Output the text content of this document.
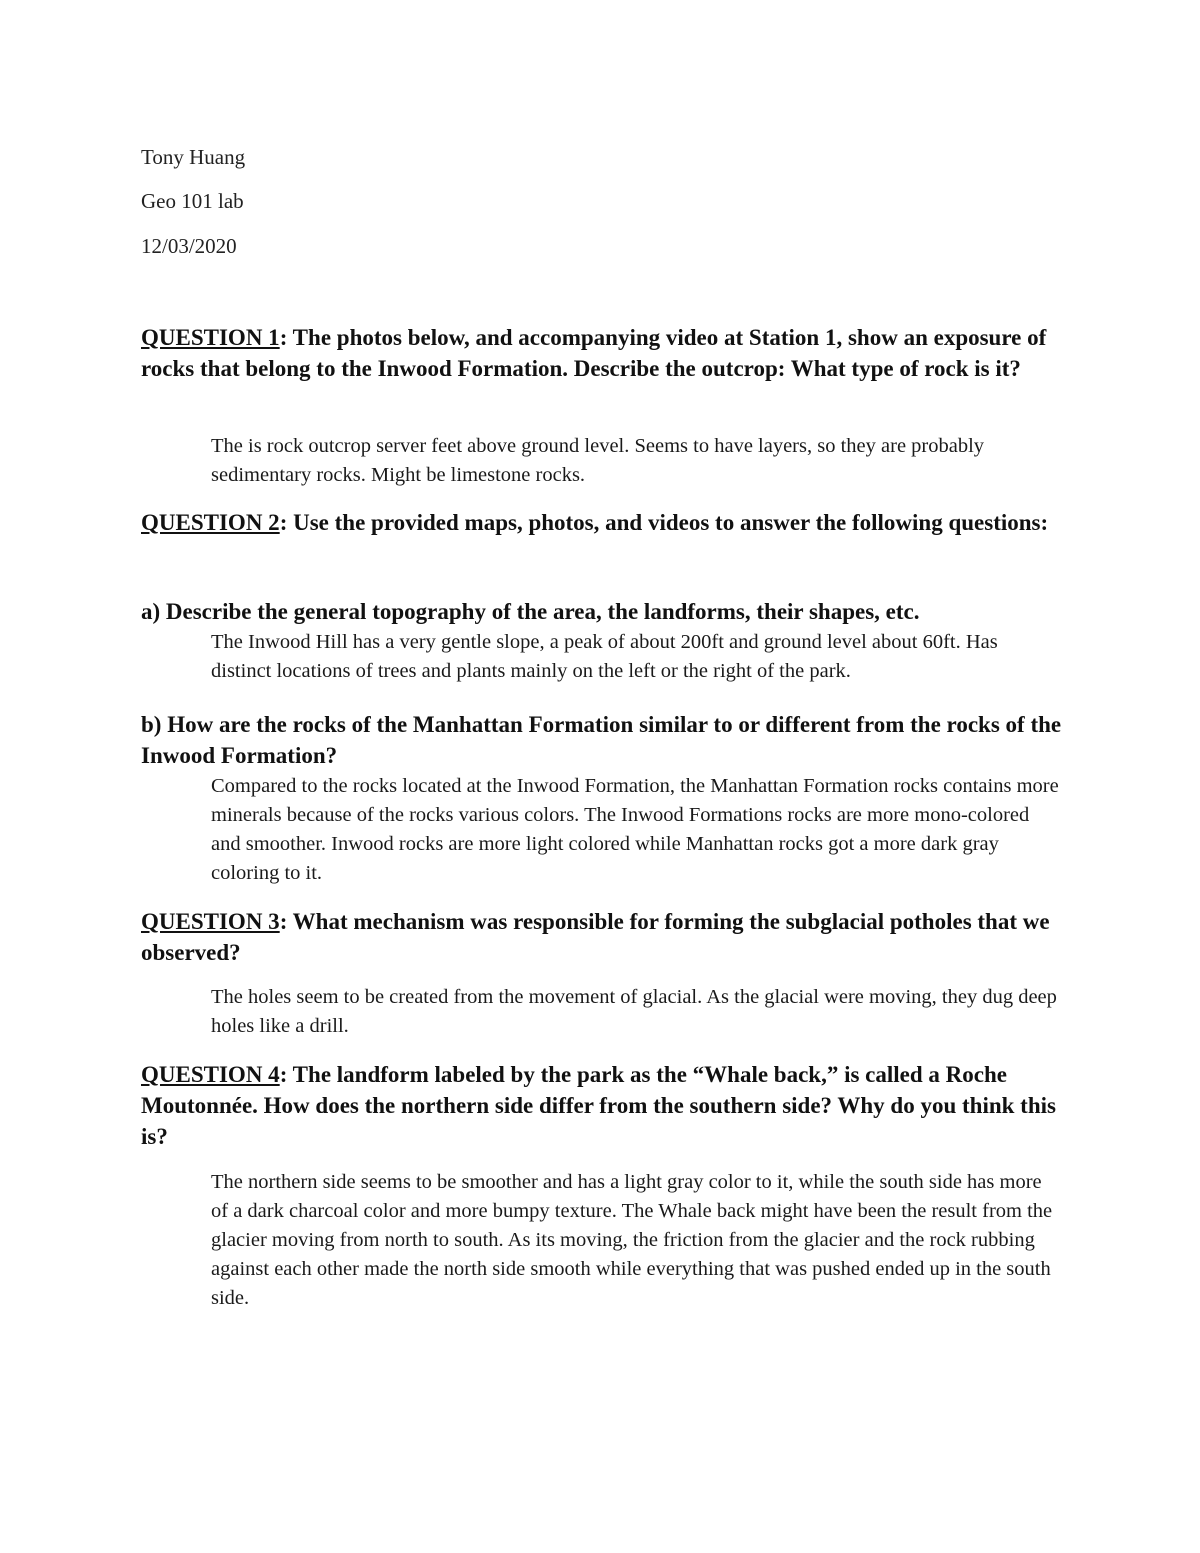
Tony Huang
Geo 101 lab
12/03/2020
QUESTION 1: The photos below, and accompanying video at Station 1, show an exposure of rocks that belong to the Inwood Formation. Describe the outcrop: What type of rock is it?
The is rock outcrop server feet above ground level. Seems to have layers, so they are probably sedimentary rocks. Might be limestone rocks.
QUESTION 2: Use the provided maps, photos, and videos to answer the following questions:
a) Describe the general topography of the area, the landforms, their shapes, etc.
The Inwood Hill has a very gentle slope, a peak of about 200ft and ground level about 60ft. Has distinct locations of trees and plants mainly on the left or the right of the park.
b) How are the rocks of the Manhattan Formation similar to or different from the rocks of the Inwood Formation?
Compared to the rocks located at the Inwood Formation, the Manhattan Formation rocks contains more minerals because of the rocks various colors. The Inwood Formations rocks are more mono-colored and smoother. Inwood rocks are more light colored while Manhattan rocks got a more dark gray coloring to it.
QUESTION 3: What mechanism was responsible for forming the subglacial potholes that we observed?
The holes seem to be created from the movement of glacial. As the glacial were moving, they dug deep holes like a drill.
QUESTION 4: The landform labeled by the park as the “Whale back,” is called a Roche Moutonnée. How does the northern side differ from the southern side? Why do you think this is?
The northern side seems to be smoother and has a light gray color to it, while the south side has more of a dark charcoal color and more bumpy texture. The Whale back might have been the result from the glacier moving from north to south. As its moving, the friction from the glacier and the rock rubbing against each other made the north side smooth while everything that was pushed ended up in the south side.
